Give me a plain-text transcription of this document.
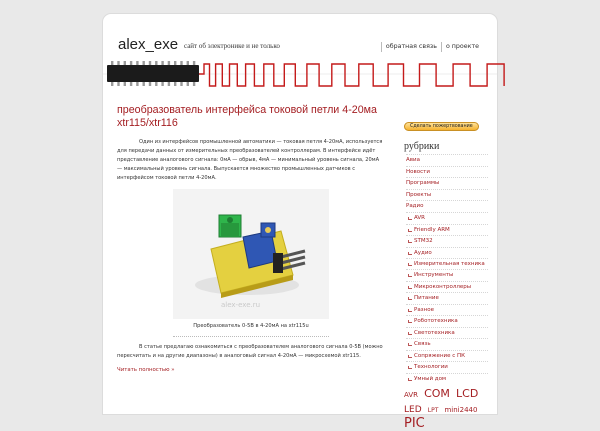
alex_exe сайт об электронике и не только	обратная связь	о проекте
преобразователь интерфейса токовой петли 4-20ма xtr115/xtr116

Один из интерфейсов промышленной автоматики — токовая петля 4-20мА, используется для передачи данных от измерительных преобразователей контроллерам. В интерфейсе идёт представление аналогового сигнала: 0мА — обрыв, 4мА — минимальный уровень сигнала, 20мА — максимальный уровень сигнала. Выпускается множество промышленных датчиков с интерфейсом токовой петли 4-20мА.

alex-exe.ru
Преобразователь 0-5В в 4-20мА на xtr115u

В статье предлагаю ознакомиться с преобразователем аналогового сигнала 0-5В (можно пересчитать и на другие диапазоны) в аналоговый сигнал 4-20мА — микросхемой xtr115.

Читать полностью »
Сделать пожертвование
рубрики
Авиа
Новости
Программы
Проекты
Радио
AVR
Friendly ARM
STM32
Аудио
Измерительная техника
Инструменты
Микроконтроллеры
Питание
Разное
Робототехника
Светотехника
Связь
Сопряжение с ПК
Технологии
Умный дом
AVR COM LCD LED LPT mini2440 PIC
